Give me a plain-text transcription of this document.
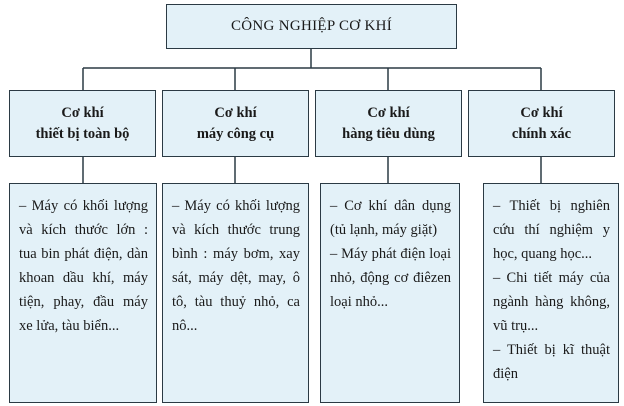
CÔNG NGHIỆP CƠ KHÍ
Cơ khí
thiết bị toàn bộ
Cơ khí
máy công cụ
Cơ khí
hàng tiêu dùng
Cơ khí
chính xác

– Máy có khối lượng và kích thước lớn : tua bin phát điện, dàn khoan dầu khí, máy tiện, phay, đầu máy xe lửa, tàu biển...

– Máy có khối lượng và kích thước trung bình : máy bơm, xay sát, máy dệt, may, ô tô, tàu thuỷ nhỏ, ca nô...

– Cơ khí dân dụng (tủ lạnh, máy giặt)

– Máy phát điện loại nhỏ, động cơ điêzen loại nhỏ...

– Thiết bị nghiên cứu thí nghiệm y học, quang học...

– Chi tiết máy của ngành hàng không, vũ trụ...

– Thiết bị kĩ thuật điện
